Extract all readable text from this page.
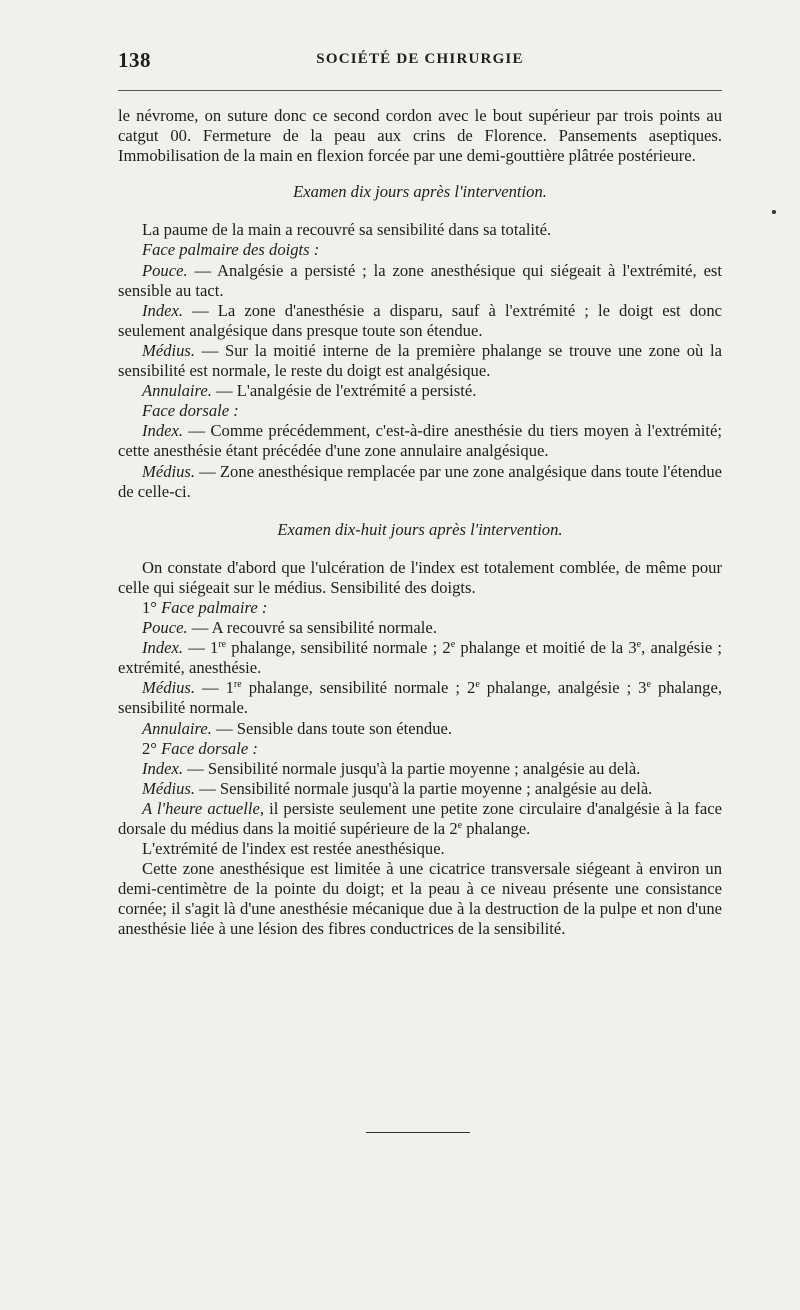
138	SOCIÉTÉ DE CHIRURGIE

le névrome, on suture donc ce second cordon avec le bout supérieur par trois points au catgut 00. Fermeture de la peau aux crins de Florence. Pansements aseptiques. Immobilisation de la main en flexion forcée par une demi-gouttière plâtrée postérieure.

Examen dix jours après l'intervention.

La paume de la main a recouvré sa sensibilité dans sa totalité.

Face palmaire des doigts :

Pouce. — Analgésie a persisté ; la zone anesthésique qui siégeait à l'extrémité, est sensible au tact.

Index. — La zone d'anesthésie a disparu, sauf à l'extrémité ; le doigt est donc seulement analgésique dans presque toute son étendue.

Médius. — Sur la moitié interne de la première phalange se trouve une zone où la sensibilité est normale, le reste du doigt est analgésique.

Annulaire. — L'analgésie de l'extrémité a persisté.

Face dorsale :

Index. — Comme précédemment, c'est-à-dire anesthésie du tiers moyen à l'extrémité; cette anesthésie étant précédée d'une zone annulaire analgésique.

Médius. — Zone anesthésique remplacée par une zone analgésique dans toute l'étendue de celle-ci.

Examen dix-huit jours après l'intervention.

On constate d'abord que l'ulcération de l'index est totalement comblée, de même pour celle qui siégeait sur le médius. Sensibilité des doigts.

1° Face palmaire :

Pouce. — A recouvré sa sensibilité normale.

Index. — 1re phalange, sensibilité normale ; 2e phalange et moitié de la 3e, analgésie ; extrémité, anesthésie.

Médius. — 1re phalange, sensibilité normale ; 2e phalange, analgésie ; 3e phalange, sensibilité normale.

Annulaire. — Sensible dans toute son étendue.

2° Face dorsale :

Index. — Sensibilité normale jusqu'à la partie moyenne ; analgésie au delà.

Médius. — Sensibilité normale jusqu'à la partie moyenne ; analgésie au delà.

A l'heure actuelle, il persiste seulement une petite zone circulaire d'analgésie à la face dorsale du médius dans la moitié supérieure de la 2e phalange.

L'extrémité de l'index est restée anesthésique.

Cette zone anesthésique est limitée à une cicatrice transversale siégeant à environ un demi-centimètre de la pointe du doigt; et la peau à ce niveau présente une consistance cornée; il s'agit là d'une anesthésie mécanique due à la destruction de la pulpe et non d'une anesthésie liée à une lésion des fibres conductrices de la sensibilité.
